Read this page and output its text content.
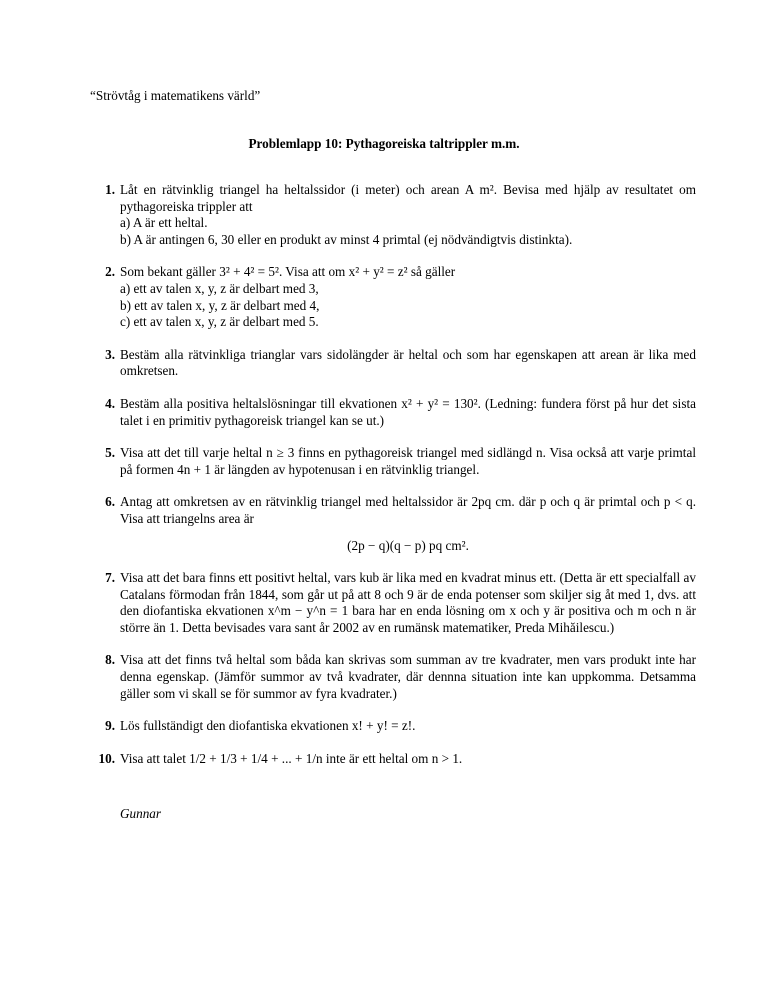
“Strövtåg i matematikens värld”
Problemlapp 10: Pythagoreiska taltrippler m.m.
1. Låt en rätvinklig triangel ha heltalssidor (i meter) och arean A m². Bevisa med hjälp av resultatet om pythagoreiska trippler att
a) A är ett heltal.
b) A är antingen 6, 30 eller en produkt av minst 4 primtal (ej nödvändigtvis distinkta).
2. Som bekant gäller 3² + 4² = 5². Visa att om x² + y² = z² så gäller
a) ett av talen x, y, z är delbart med 3,
b) ett av talen x, y, z är delbart med 4,
c) ett av talen x, y, z är delbart med 5.
3. Bestäm alla rätvinkliga trianglar vars sidolängder är heltal och som har egenskapen att arean är lika med omkretsen.
4. Bestäm alla positiva heltalslösningar till ekvationen x² + y² = 130². (Ledning: fundera först på hur det sista talet i en primitiv pythagoreisk triangel kan se ut.)
5. Visa att det till varje heltal n ≥ 3 finns en pythagoreisk triangel med sidlängd n. Visa också att varje primtal på formen 4n + 1 är längden av hypotenusan i en rätvinklig triangel.
6. Antag att omkretsen av en rätvinklig triangel med heltalssidor är 2pq cm. där p och q är primtal och p < q. Visa att triangelns area är
(2p − q)(q − p) pq cm².
7. Visa att det bara finns ett positivt heltal, vars kub är lika med en kvadrat minus ett. (Detta är ett specialfall av Catalans förmodan från 1844, som går ut på att 8 och 9 är de enda potenser som skiljer sig åt med 1, dvs. att den diofantiska ekvationen x^m − y^n = 1 bara har en enda lösning om x och y är positiva och m och n är större än 1. Detta bevisades vara sant år 2002 av en rumänsk matematiker, Preda Mihăilescu.)
8. Visa att det finns två heltal som båda kan skrivas som summan av tre kvadrater, men vars produkt inte har denna egenskap. (Jämför summor av två kvadrater, där dennna situation inte kan uppkomma. Detsamma gäller som vi skall se för summor av fyra kvadrater.)
9. Lös fullständigt den diofantiska ekvationen x! + y! = z!.
10. Visa att talet 1/2 + 1/3 + 1/4 + ... + 1/n inte är ett heltal om n > 1.
Gunnar
